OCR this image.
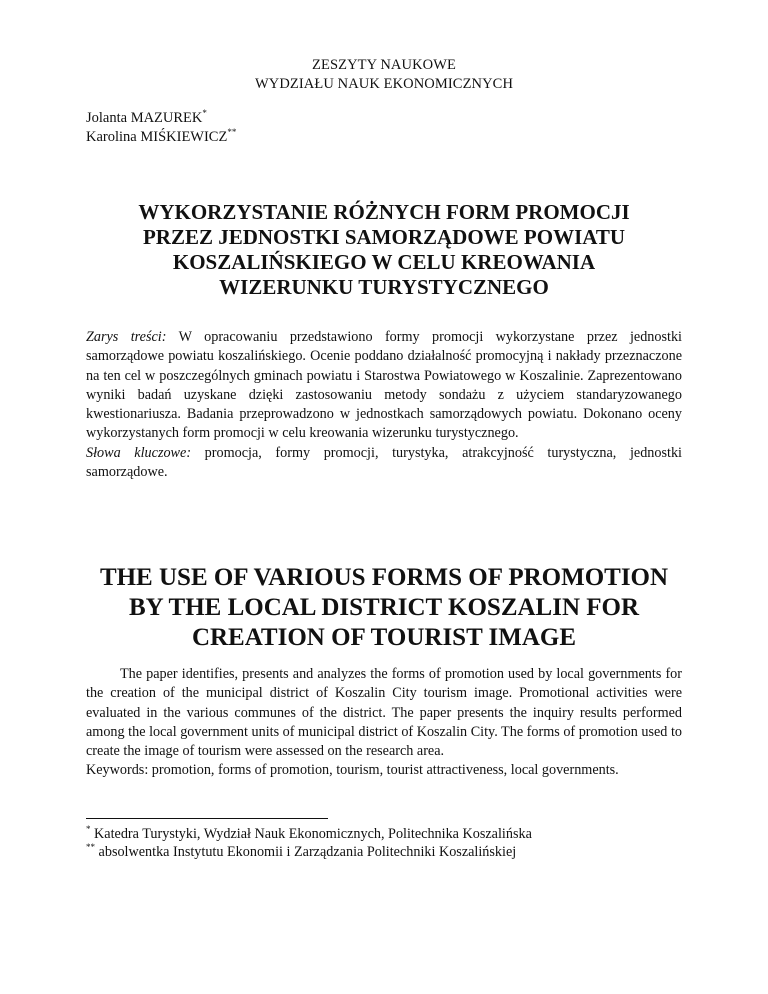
ZESZYTY NAUKOWE
WYDZIAŁU NAUK EKONOMICZNYCH
Jolanta MAZUREK*
Karolina MIŚKIEWICZ**
WYKORZYSTANIE RÓŻNYCH FORM PROMOCJI
PRZEZ JEDNOSTKI SAMORZĄDOWE POWIATU
KOSZALIŃSKIEGO W CELU KREOWANIA
WIZERUNKU TURYSTYCZNEGO

Zarys treści: W opracowaniu przedstawiono formy promocji wykorzystane przez jednostki samorządowe powiatu koszalińskiego. Ocenie poddano działalność promocyjną i nakłady przeznaczone na ten cel w poszczególnych gminach powiatu i Starostwa Powiatowego w Koszalinie. Zaprezentowano wyniki badań uzyskane dzięki zastosowaniu metody sondażu z użyciem standaryzowanego kwestionariusza. Badania przeprowadzono w jednostkach samorządowych powiatu. Dokonano oceny wykorzystanych form promocji w celu kreowania wizerunku turystycznego.

Słowa kluczowe: promocja, formy promocji, turystyka, atrakcyjność turystyczna, jednostki samorządowe.

THE USE OF VARIOUS FORMS OF PROMOTION
BY THE LOCAL DISTRICT KOSZALIN FOR
CREATION OF TOURIST IMAGE

The paper identifies, presents and analyzes the forms of promotion used by local governments for the creation of the municipal district of Koszalin City tourism image. Promotional activities were evaluated in the various communes of the district. The paper presents the inquiry results performed among the local government units of municipal district of Koszalin City. The forms of promotion used to create the image of tourism were assessed on the research area.

Keywords: promotion, forms of promotion, tourism, tourist attractiveness, local governments.

* Katedra Turystyki, Wydział Nauk Ekonomicznych, Politechnika Koszalińska

** absolwentka Instytutu Ekonomii i Zarządzania Politechniki Koszalińskiej
